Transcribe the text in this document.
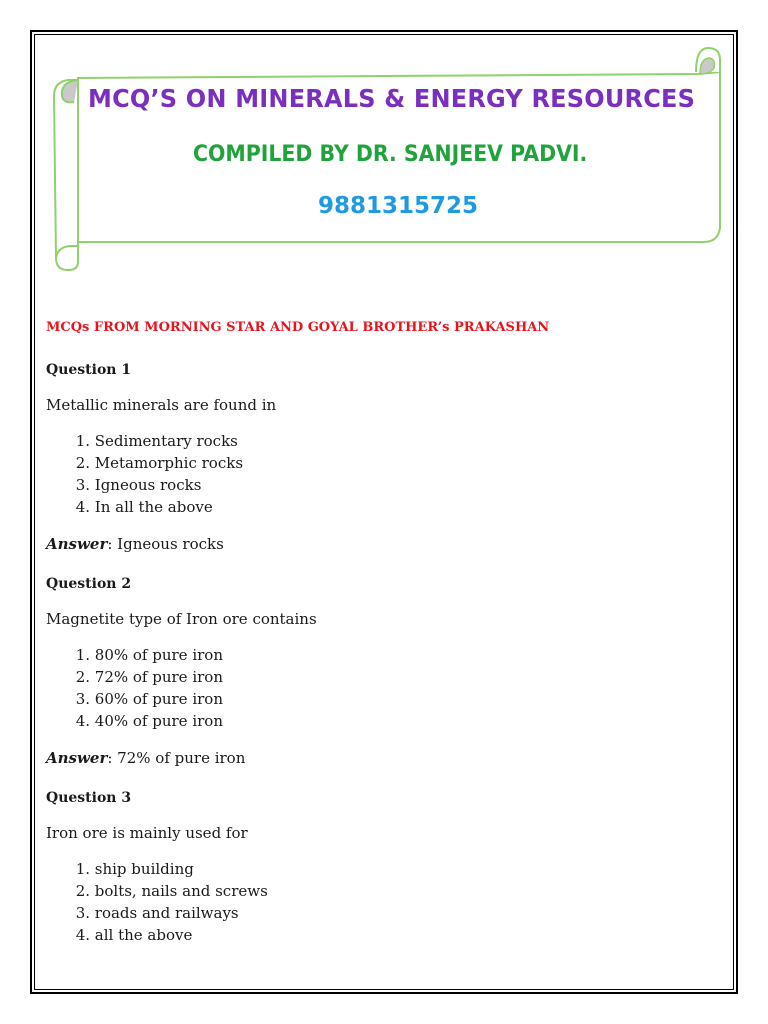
MCQ’S ON MINERALS & ENERGY RESOURCES
COMPILED BY DR. SANJEEV PADVI.
9881315725
MCQs FROM MORNING STAR AND GOYAL BROTHER’s PRAKASHAN
Question 1
Metallic minerals are found in
1. Sedimentary rocks
2. Metamorphic rocks
3. Igneous rocks
4. In all the above
Answer: Igneous rocks
Question 2
Magnetite type of Iron ore contains
1. 80% of pure iron
2. 72% of pure iron
3. 60% of pure iron
4. 40% of pure iron
Answer: 72% of pure iron
Question 3
Iron ore is mainly used for
1. ship building
2. bolts, nails and screws
3. roads and railways
4. all the above
